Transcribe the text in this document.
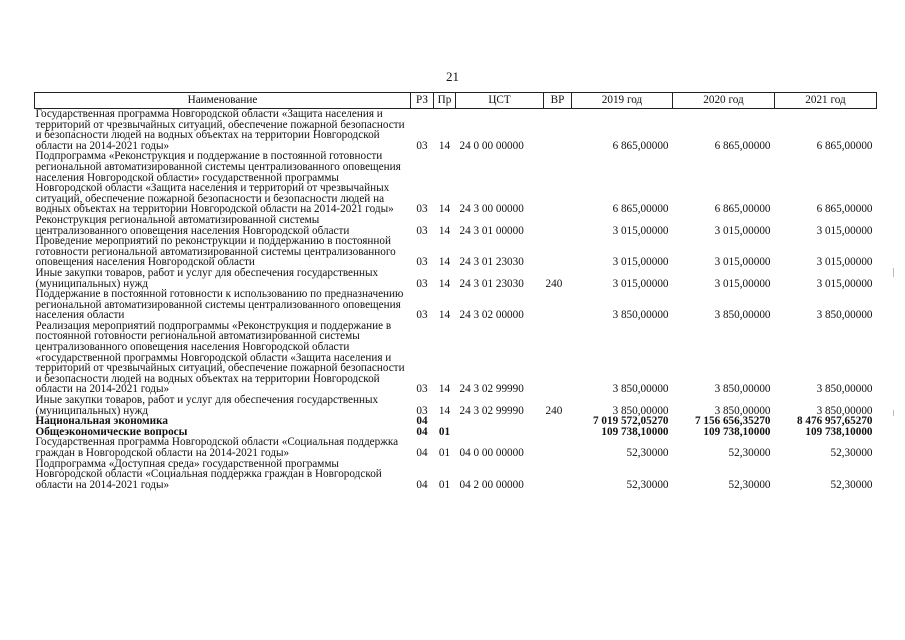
21
Наименование	РЗ	Пр	ЦСТ	ВР	2019 год	2020 год	2021 год
Государственная программа Новгородской области «Защита населения и территорий от чрезвычайных ситуаций, обеспечение пожарной безопасности и безопасности людей на водных объектах на территории Новгородской области на 2014-2021 годы»	03	14	24 0 00 00000		6 865,00000	6 865,00000	6 865,00000
Подпрограмма «Реконструкция и поддержание в постоянной готовности региональной автоматизированной системы централизованного оповещения населения Новгородской области» государственной программы Новгородской области «Защита населения и территорий от чрезвычайных ситуаций, обеспечение пожарной безопасности и безопасности людей на водных объектах на территории Новгородской области на 2014-2021 годы»	03	14	24 3 00 00000		6 865,00000	6 865,00000	6 865,00000
Реконструкция региональной автоматизированной системы централизованного оповещения населения Новгородской области	03	14	24 3 01 00000		3 015,00000	3 015,00000	3 015,00000
Проведение мероприятий по реконструкции и поддержанию в постоянной готовности региональной автоматизированной системы централизованного оповещения населения Новгородской области	03	14	24 3 01 23030		3 015,00000	3 015,00000	3 015,00000
Иные закупки товаров, работ и услуг для обеспечения государственных (муниципальных) нужд	03	14	24 3 01 23030	240	3 015,00000	3 015,00000	3 015,00000
Поддержание в постоянной готовности к использованию по предназначению региональной автоматизированной системы централизованного оповещения населения области	03	14	24 3 02 00000		3 850,00000	3 850,00000	3 850,00000
Реализация мероприятий подпрограммы «Реконструкция и поддержание в постоянной готовности региональной автоматизированной системы централизованного оповещения населения Новгородской области «государственной программы Новгородской области «Защита населения и территорий от чрезвычайных ситуаций, обеспечение пожарной безопасности и безопасности людей на водных объектах на территории Новгородской области на 2014-2021 годы»	03	14	24 3 02 99990		3 850,00000	3 850,00000	3 850,00000
Иные закупки товаров, работ и услуг для обеспечения государственных (муниципальных) нужд	03	14	24 3 02 99990	240	3 850,00000	3 850,00000	3 850,00000
Национальная экономика	04				7 019 572,05270	7 156 656,35270	8 476 957,65270
Общеэкономические вопросы	04	01			109 738,10000	109 738,10000	109 738,10000
Государственная программа Новгородской области «Социальная поддержка граждан в Новгородской области на 2014-2021 годы»	04	01	04 0 00 00000		52,30000	52,30000	52,30000
Подпрограмма «Доступная среда» государственной программы Новгородской области «Социальная поддержка граждан в Новгородской области на 2014-2021 годы»	04	01	04 2 00 00000		52,30000	52,30000	52,30000
